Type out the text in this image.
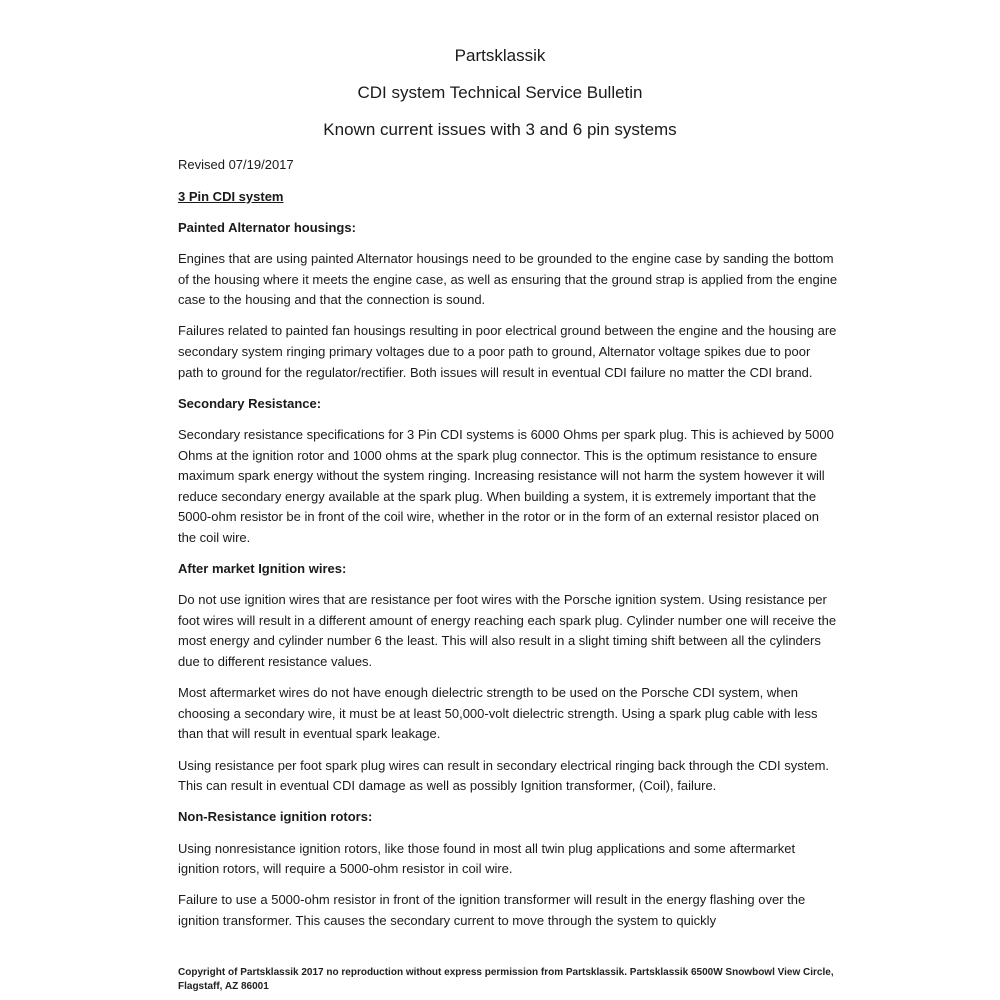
Partsklassik
CDI system Technical Service Bulletin
Known current issues with 3 and 6 pin systems

Revised 07/19/2017

3 Pin CDI system

Painted Alternator housings:

Engines that are using painted Alternator housings need to be grounded to the engine case by sanding the bottom of the housing where it meets the engine case, as well as ensuring that the ground strap is applied from the engine case to the housing and that the connection is sound.

Failures related to painted fan housings resulting in poor electrical ground between the engine and the housing are secondary system ringing primary voltages due to a poor path to ground, Alternator voltage spikes due to poor path to ground for the regulator/rectifier. Both issues will result in eventual CDI failure no matter the CDI brand.

Secondary Resistance:

Secondary resistance specifications for 3 Pin CDI systems is 6000 Ohms per spark plug. This is achieved by 5000 Ohms at the ignition rotor and 1000 ohms at the spark plug connector. This is the optimum resistance to ensure maximum spark energy without the system ringing. Increasing resistance will not harm the system however it will reduce secondary energy available at the spark plug. When building a system, it is extremely important that the 5000-ohm resistor be in front of the coil wire, whether in the rotor or in the form of an external resistor placed on the coil wire.

After market Ignition wires:

Do not use ignition wires that are resistance per foot wires with the Porsche ignition system. Using resistance per foot wires will result in a different amount of energy reaching each spark plug. Cylinder number one will receive the most energy and cylinder number 6 the least. This will also result in a slight timing shift between all the cylinders due to different resistance values.

Most aftermarket wires do not have enough dielectric strength to be used on the Porsche CDI system, when choosing a secondary wire, it must be at least 50,000-volt dielectric strength. Using a spark plug cable with less than that will result in eventual spark leakage.

Using resistance per foot spark plug wires can result in secondary electrical ringing back through the CDI system. This can result in eventual CDI damage as well as possibly Ignition transformer, (Coil), failure.

Non-Resistance ignition rotors:

Using nonresistance ignition rotors, like those found in most all twin plug applications and some aftermarket ignition rotors, will require a 5000-ohm resistor in coil wire.

Failure to use a 5000-ohm resistor in front of the ignition transformer will result in the energy flashing over the ignition transformer. This causes the secondary current to move through the system to quickly

Copyright of Partsklassik 2017 no reproduction without express permission from Partsklassik. Partsklassik 6500W Snowbowl View Circle, Flagstaff, AZ 86001
